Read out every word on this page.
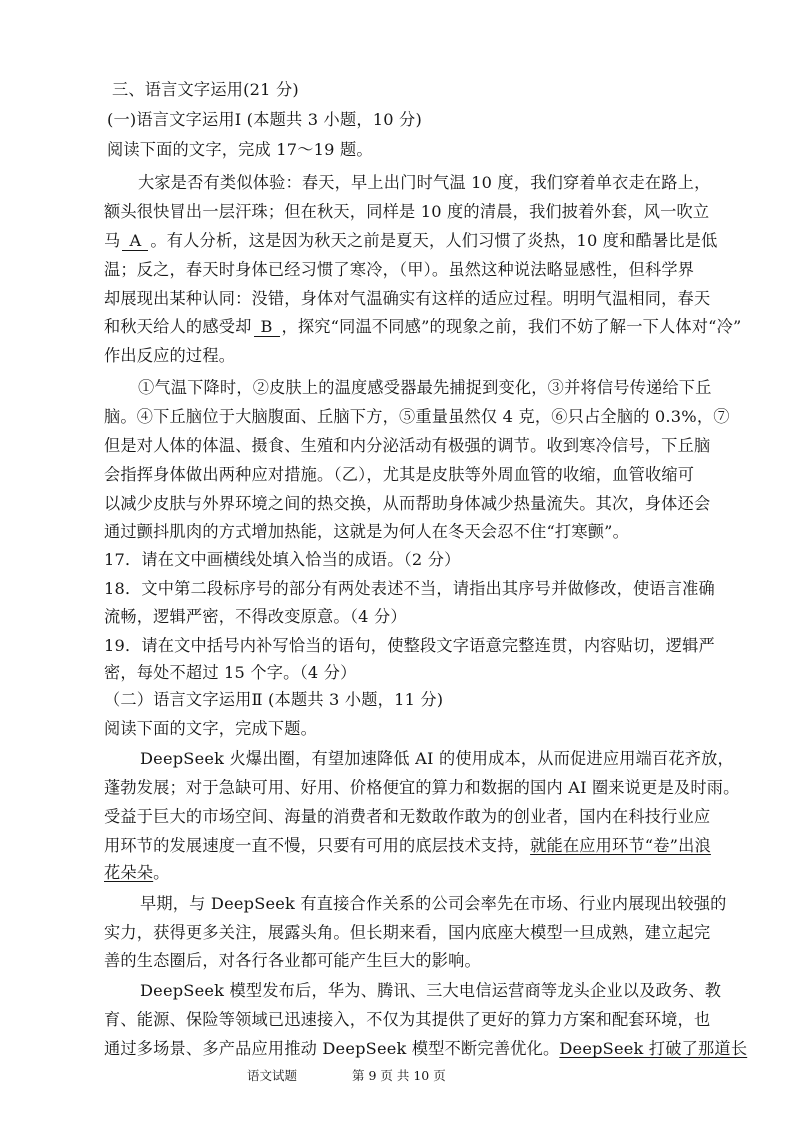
三、语言文字运用(21 分)
(一)语言文字运用Ⅰ (本题共 3 小题，10 分)
阅读下面的文字，完成 17～19 题。
大家是否有类似体验：春天，早上出门时气温 10 度，我们穿着单衣走在路上，
额头很快冒出一层汗珠；但在秋天，同样是 10 度的清晨，我们披着外套，风一吹立
马 A 。有人分析，这是因为秋天之前是夏天，人们习惯了炎热，10 度和酷暑比是低
温；反之，春天时身体已经习惯了寒冷，（甲）。虽然这种说法略显感性，但科学界
却展现出某种认同：没错，身体对气温确实有这样的适应过程。明明气温相同，春天
和秋天给人的感受却 B ，探究“同温不同感”的现象之前，我们不妨了解一下人体对“冷”
作出反应的过程。
①气温下降时，②皮肤上的温度感受器最先捕捉到变化，③并将信号传递给下丘
脑。④下丘脑位于大脑腹面、丘脑下方，⑤重量虽然仅 4 克，⑥只占全脑的 0.3%，⑦
但是对人体的体温、摄食、生殖和内分泌活动有极强的调节。收到寒冷信号，下丘脑
会指挥身体做出两种应对措施。（乙），尤其是皮肤等外周血管的收缩，血管收缩可
以减少皮肤与外界环境之间的热交换，从而帮助身体减少热量流失。其次，身体还会
通过颤抖肌肉的方式增加热能，这就是为何人在冬天会忍不住“打寒颤”。
17．请在文中画横线处填入恰当的成语。（2 分）
18．文中第二段标序号的部分有两处表述不当，请指出其序号并做修改，使语言准确
流畅，逻辑严密，不得改变原意。（4 分）
19．请在文中括号内补写恰当的语句，使整段文字语意完整连贯，内容贴切，逻辑严
密，每处不超过 15 个字。（4 分）
（二）语言文字运用Ⅱ (本题共 3 小题，11 分)
阅读下面的文字，完成下题。
DeepSeek 火爆出圈，有望加速降低 AI 的使用成本，从而促进应用端百花齐放，
蓬勃发展；对于急缺可用、好用、价格便宜的算力和数据的国内 AI 圈来说更是及时雨。
受益于巨大的市场空间、海量的消费者和无数敢作敢为的创业者，国内在科技行业应
用环节的发展速度一直不慢，只要有可用的底层技术支持，就能在应用环节“卷”出浪
花朵朵。
早期，与 DeepSeek 有直接合作关系的公司会率先在市场、行业内展现出较强的
实力，获得更多关注，展露头角。但长期来看，国内底座大模型一旦成熟，建立起完
善的生态圈后，对各行各业都可能产生巨大的影响。
DeepSeek 模型发布后，华为、腾讯、三大电信运营商等龙头企业以及政务、教
育、能源、保险等领域已迅速接入，不仅为其提供了更好的算力方案和配套环境，也
通过多场景、多产品应用推动 DeepSeek 模型不断完善优化。DeepSeek 打破了那道长
语文试题	第 9 页 共 10 页
